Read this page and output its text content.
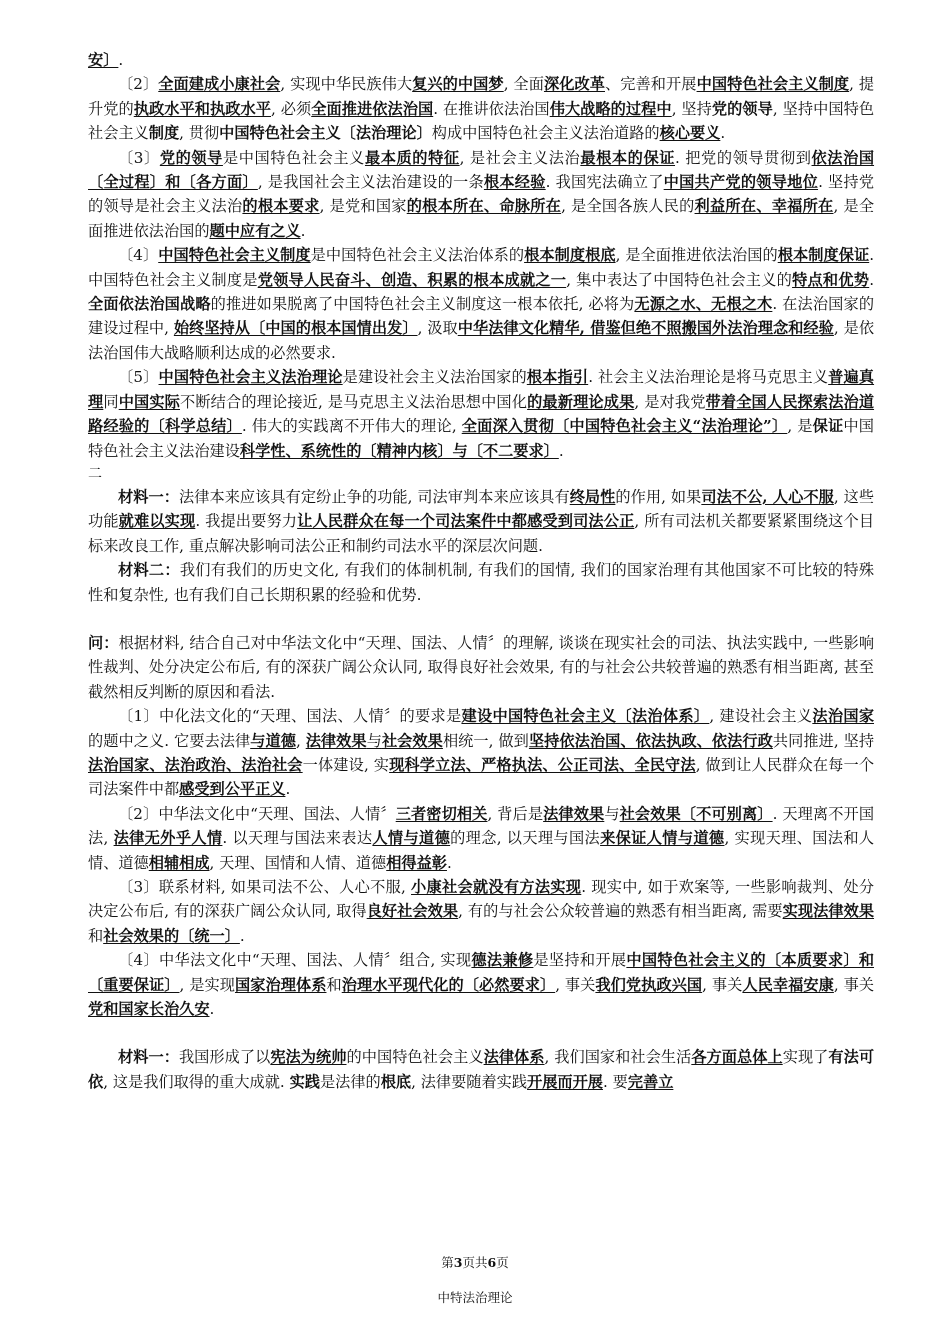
安〕.

〔2〕全面建成小康社会, 实现中华民族伟大复兴的中国梦, 全面深化改革、完善和开展中国特色社会主义制度, 提升党的执政水平和执政水平, 必须全面推进依法治国. 在推讲依法治国伟大战略的过程中, 坚持党的领导, 坚持中国特色社会主义制度, 贯彻中国特色社会主义〔法治理论〕构成中国特色社会主义法治道路的核心要义.

〔3〕党的领导是中国特色社会主义最本质的特征, 是社会主义法治最根本的保证. 把党的领导贯彻到依法治国〔全过程〕和〔各方面〕, 是我国社会主义法治建设的一条根本经验. 我国宪法确立了中国共产党的领导地位. 坚持党的领导是社会主义法治的根本要求, 是党和国家的根本所在、命脉所在, 是全国各族人民的利益所在、幸福所在, 是全面推进依法治国的题中应有之义.

〔4〕中国特色社会主义制度是中国特色社会主义法治体系的根本制度根底, 是全面推进依法治国的根本制度保证. 中国特色社会主义制度是党领导人民奋斗、创造、积累的根本成就之一, 集中表达了中国特色社会主义的特点和优势. 全面依法治国战略的推进如果脱离了中国特色社会主义制度这一根本依托, 必将为无源之水、无根之木. 在法治国家的建设过程中, 始终坚持从〔中国的根本国情出发〕, 汲取中华法律文化精华, 借鉴但绝不照搬国外法治理念和经验, 是依法治国伟大战略顺利达成的必然要求.

〔5〕中国特色社会主义法治理论是建设社会主义法治国家的根本指引. 社会主义法治理论是将马克思主义普遍真理同中国实际不断结合的理论接近, 是马克思主义法治思想中国化的最新理论成果, 是对我党带着全国人民探索法治道路经验的〔科学总结〕. 伟大的实践离不开伟大的理论, 全面深入贯彻〔中国特色社会主义“法治理论”〕, 是保证中国特色社会主义法治建设科学性、系统性的〔精神内核〕与〔不二要求〕.

二

材料一：法律本来应该具有定纷止争的功能, 司法审判本来应该具有终局性的作用, 如果司法不公, 人心不服, 这些功能就难以实现. 我提出要努力让人民群众在每一个司法案件中都感受到司法公正, 所有司法机关都要紧紧围绕这个目标来改良工作, 重点解决影响司法公正和制约司法水平的深层次问题.

材料二：我们有我们的历史文化, 有我们的体制机制, 有我们的国情, 我们的国家治理有其他国家不可比较的特殊性和复杂性, 也有我们自己长期积累的经验和优势.

问：根据材料, 结合自己对中华法文化中“天理、国法、人情〞的理解, 谈谈在现实社会的司法、执法实践中, 一些影响性裁判、处分决定公布后, 有的深获广阔公众认同, 取得良好社会效果, 有的与社会公共较普遍的熟悉有相当距离, 甚至截然相反判断的原因和看法.

〔1〕中化法文化的“天理、国法、人情〞的要求是建设中国特色社会主义〔法治体系〕, 建设社会主义法治国家的题中之义. 它要去法律与道德, 法律效果与社会效果相统一, 做到坚持依法治国、依法执政、依法行政共同推进, 坚持法治国家、法治政治、法治社会一体建设, 实现科学立法、严格执法、公正司法、全民守法, 做到让人民群众在每一个司法案件中都感受到公平正义.

〔2〕中华法文化中“天理、国法、人情〞三者密切相关, 背后是法律效果与社会效果〔不可别离〕. 天理离不开国法, 法律无外乎人情. 以天理与国法来表达人情与道德的理念, 以天理与国法来保证人情与道德, 实现天理、国法和人情、道德相辅相成, 天理、国情和人情、道德相得益彰.

〔3〕联系材料, 如果司法不公、人心不服, 小康社会就没有方法实现. 现实中, 如于欢案等, 一些影响裁判、处分决定公布后, 有的深获广阔公众认同, 取得良好社会效果, 有的与社会公众较普遍的熟悉有相当距离, 需要实现法律效果和社会效果的〔统一〕.

〔4〕中华法文化中“天理、国法、人情〞组合, 实现德法兼修是坚持和开展中国特色社会主义的〔本质要求〕和〔重要保证〕, 是实现国家治理体系和治理水平现代化的〔必然要求〕, 事关我们党执政兴国, 事关人民幸福安康, 事关党和国家长治久安.

材料一：我国形成了以宪法为统帅的中国特色社会主义法律体系, 我们国家和社会生活各方面总体上实现了有法可依, 这是我们取得的重大成就. 实践是法律的根底, 法律要随着实践开展而开展. 要完善立

第3页共6页
中特法治理论
